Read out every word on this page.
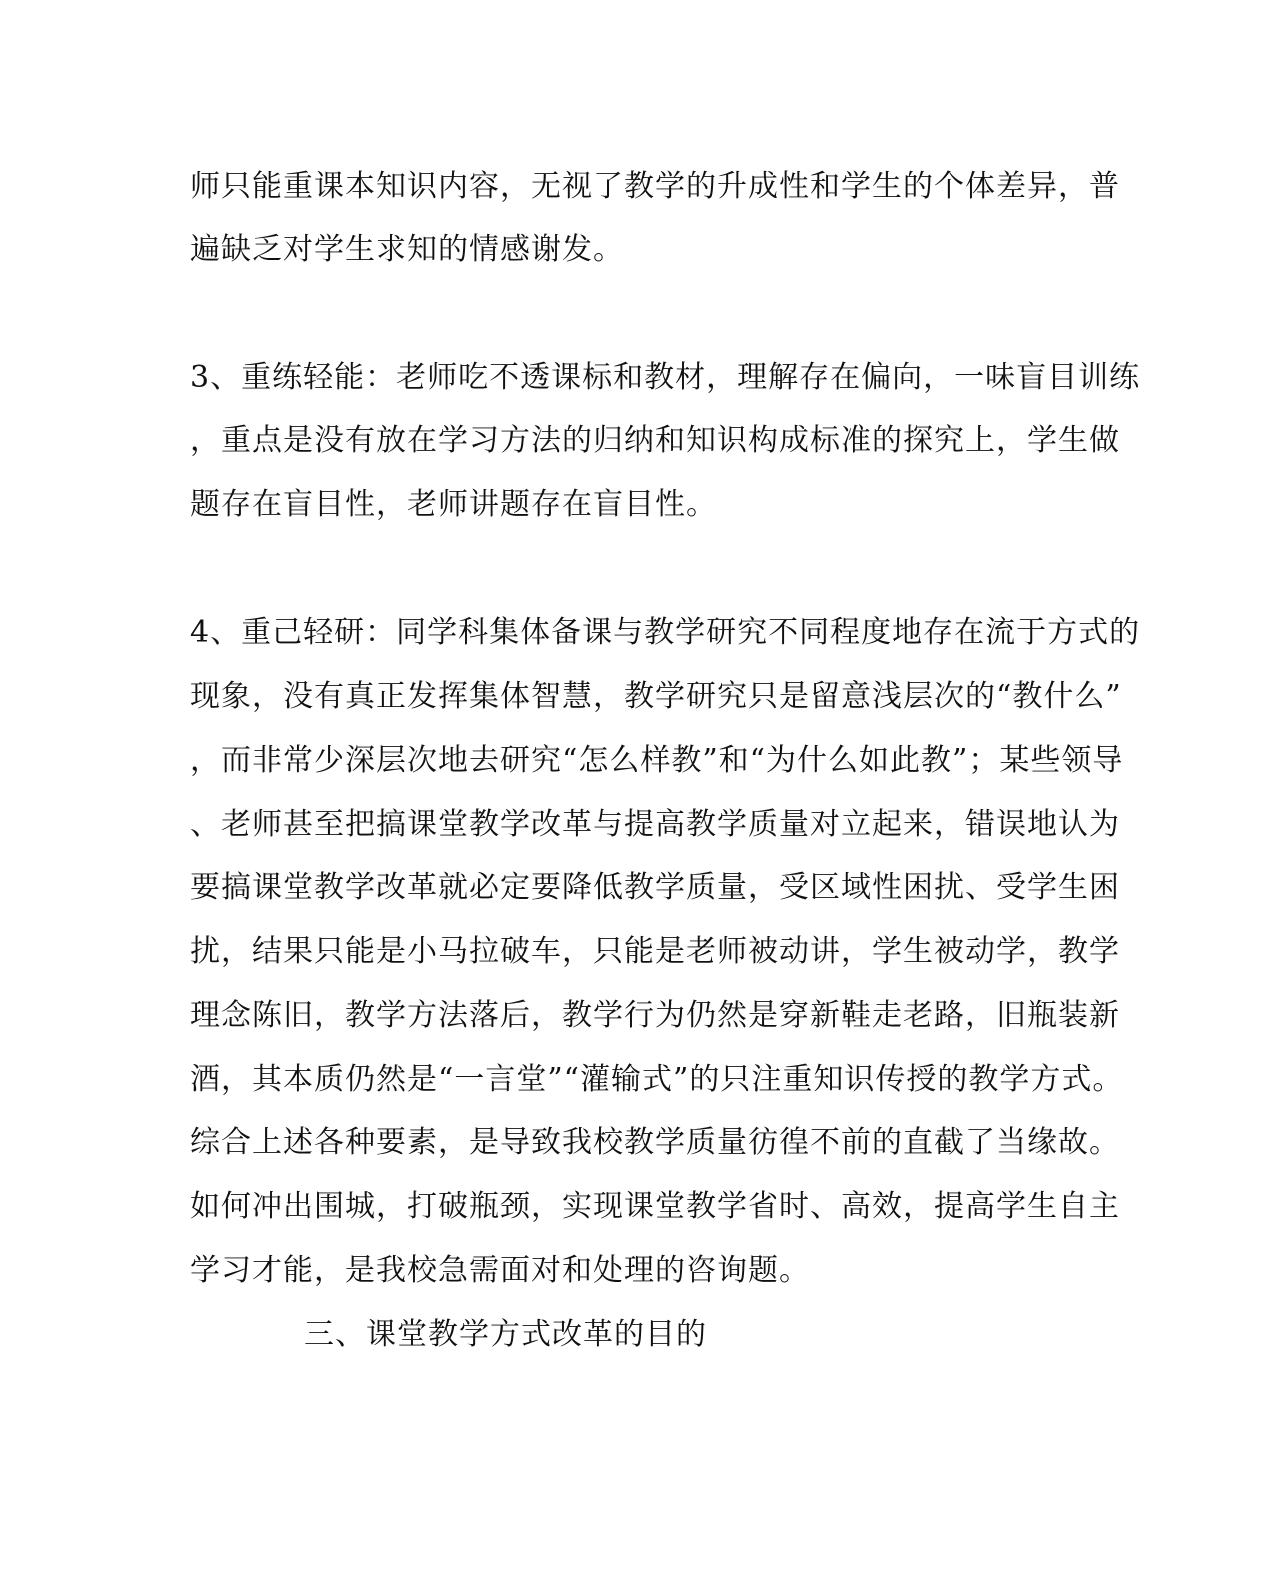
师只能重课本知识内容，无视了教学的升成性和学生的个体差异，普
遍缺乏对学生求知的情感谢发。
3、重练轻能：老师吃不透课标和教材，理解存在偏向，一味盲目训练
，重点是没有放在学习方法的归纳和知识构成标准的探究上，学生做
题存在盲目性，老师讲题存在盲目性。
4、重己轻研：同学科集体备课与教学研究不同程度地存在流于方式的
现象，没有真正发挥集体智慧，教学研究只是留意浅层次的“教什么”
，而非常少深层次地去研究“怎么样教”和“为什么如此教”；某些领导
、老师甚至把搞课堂教学改革与提高教学质量对立起来，错误地认为
要搞课堂教学改革就必定要降低教学质量，受区域性困扰、受学生困
扰，结果只能是小马拉破车，只能是老师被动讲，学生被动学，教学
理念陈旧，教学方法落后，教学行为仍然是穿新鞋走老路，旧瓶装新
酒，其本质仍然是“一言堂”“灌输式”的只注重知识传授的教学方式。
综合上述各种要素，是导致我校教学质量彷徨不前的直截了当缘故。
如何冲出围城，打破瓶颈，实现课堂教学省时、高效，提高学生自主
学习才能，是我校急需面对和处理的咨询题。
三、课堂教学方式改革的目的
